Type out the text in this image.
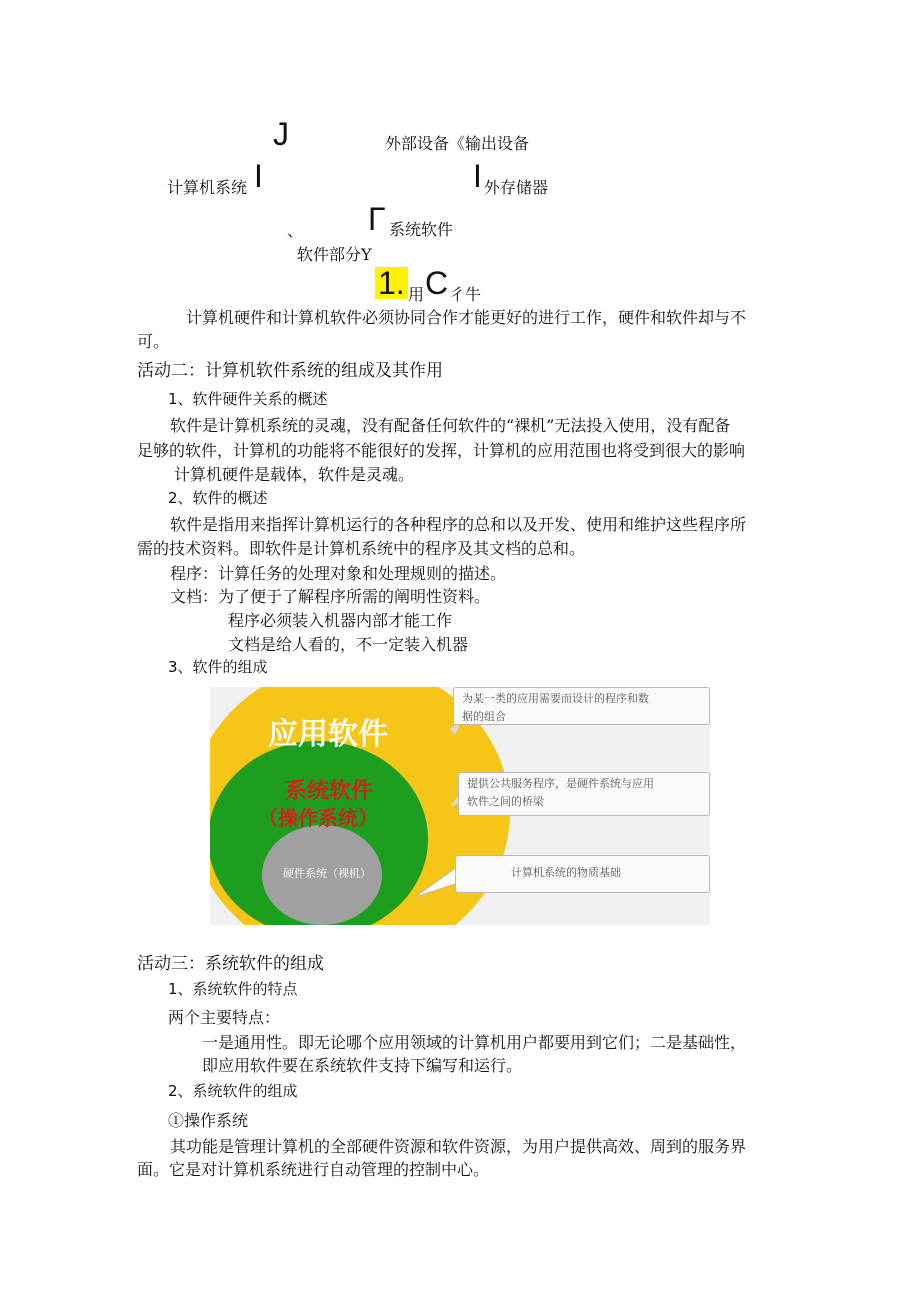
J	外部设备《输出设备
计算机系统 I	I 外存储器
、 Γ 系统软件
软件部分Y
1. 用 C 彳牛
计算机硬件和计算机软件必须协同合作才能更好的进行工作，硬件和软件却与不
可。
活动二：计算机软件系统的组成及其作用
1、软件硬件关系的概述
软件是计算机系统的灵魂，没有配备任何软件的“裸机”无法投入使用，没有配备
足够的软件，计算机的功能将不能很好的发挥，计算机的应用范围也将受到很大的影响
计算机硬件是载体，软件是灵魂。
2、软件的概述
软件是指用来指挥计算机运行的各种程序的总和以及开发、使用和维护这些程序所
需的技术资料。即软件是计算机系统中的程序及其文档的总和。
程序：计算任务的处理对象和处理规则的描述。
文档：为了便于了解程序所需的阐明性资料。
程序必须装入机器内部才能工作
文档是给人看的，不一定装入机器
3、软件的组成
应用软件
系统软件
（操作系统）
硬件系统（裸机）
为某一类的应用需要而设计的程序和数
据的组合
提供公共服务程序，是硬件系统与应用
软件之间的桥梁
计算机系统的物质基础
活动三：系统软件的组成
1、系统软件的特点
两个主要特点：
一是通用性。即无论哪个应用领域的计算机用户都要用到它们；二是基础性，
即应用软件要在系统软件支持下编写和运行。
2、系统软件的组成
①操作系统
其功能是管理计算机的全部硬件资源和软件资源，为用户提供高效、周到的服务界
面。它是对计算机系统进行自动管理的控制中心。
